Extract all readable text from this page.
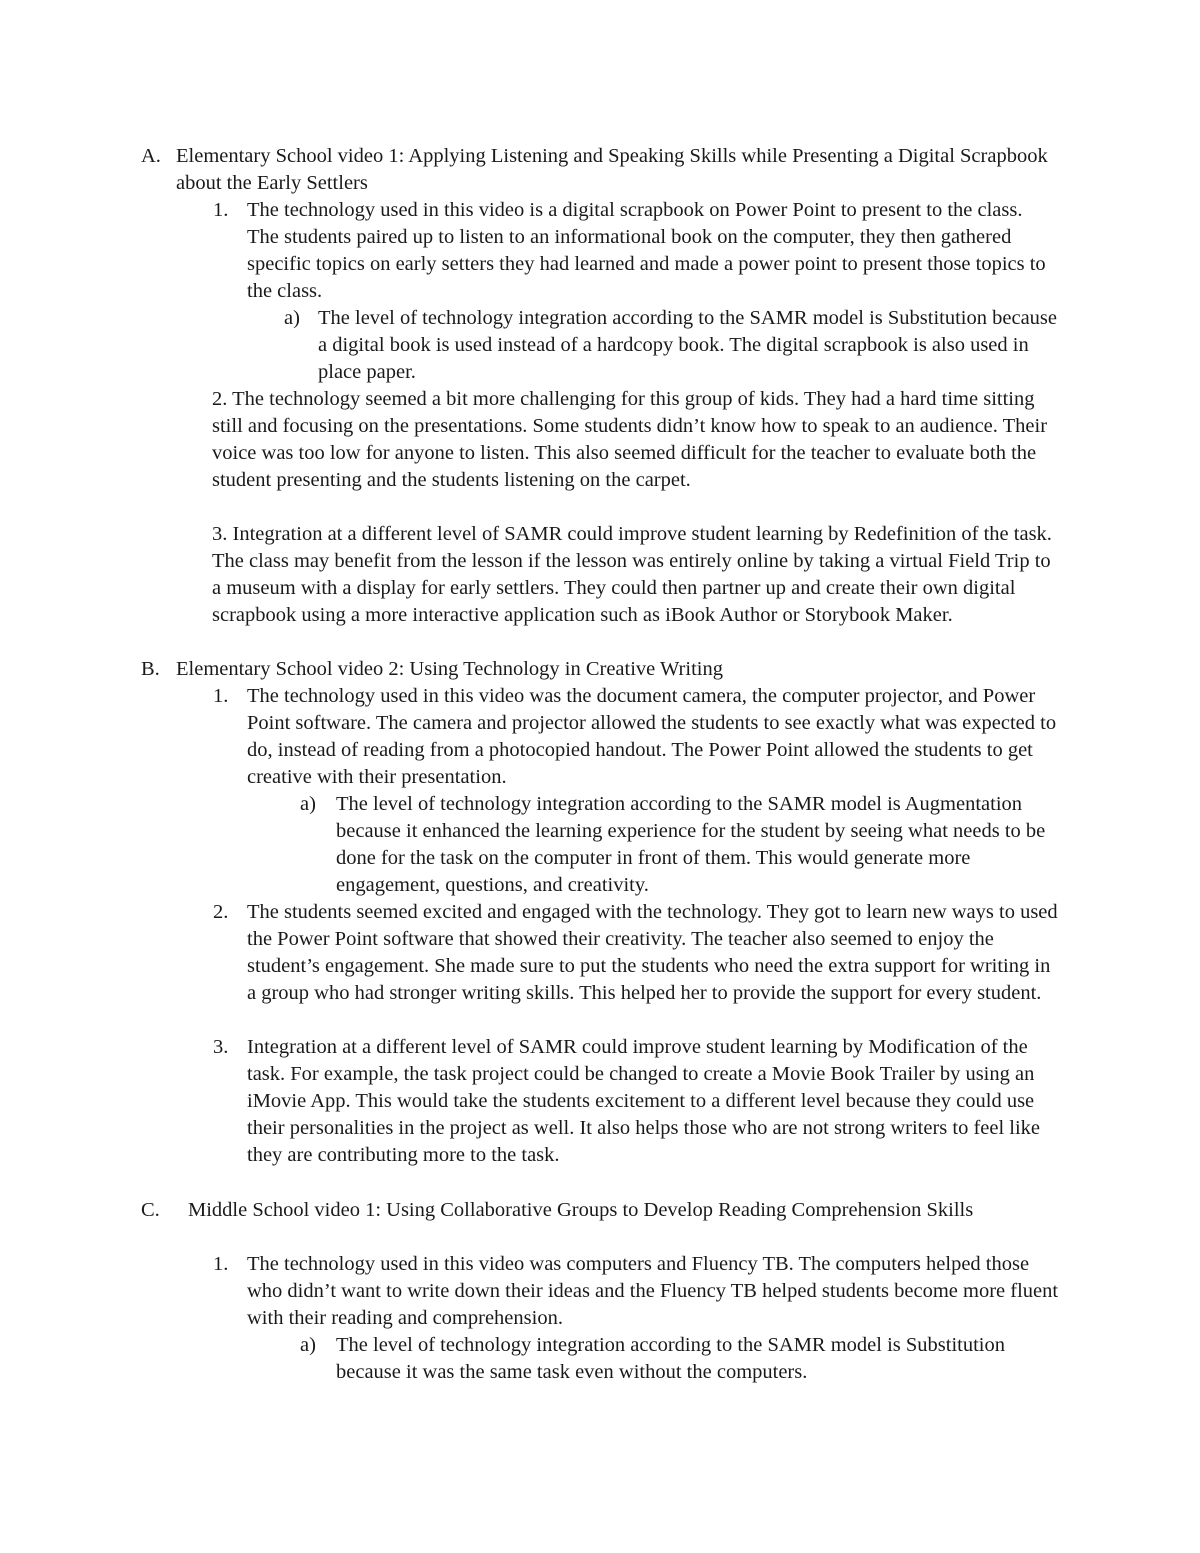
A. Elementary School video 1: Applying Listening and Speaking Skills while Presenting a Digital Scrapbook about the Early Settlers
1. The technology used in this video is a digital scrapbook on Power Point to present to the class. The students paired up to listen to an informational book on the computer, they then gathered specific topics on early setters they had learned and made a power point to present those topics to the class.
a) The level of technology integration according to the SAMR model is Substitution because a digital book is used instead of a hardcopy book. The digital scrapbook is also used in place paper.
2. The technology seemed a bit more challenging for this group of kids. They had a hard time sitting still and focusing on the presentations. Some students didn’t know how to speak to an audience. Their voice was too low for anyone to listen. This also seemed difficult for the teacher to evaluate both the student presenting and the students listening on the carpet.
3. Integration at a different level of SAMR could improve student learning by Redefinition of the task. The class may benefit from the lesson if the lesson was entirely online by taking a virtual Field Trip to a museum with a display for early settlers. They could then partner up and create their own digital scrapbook using a more interactive application such as iBook Author or Storybook Maker.
B. Elementary School video 2: Using Technology in Creative Writing
1. The technology used in this video was the document camera, the computer projector, and Power Point software. The camera and projector allowed the students to see exactly what was expected to do, instead of reading from a photocopied handout. The Power Point allowed the students to get creative with their presentation.
a) The level of technology integration according to the SAMR model is Augmentation because it enhanced the learning experience for the student by seeing what needs to be done for the task on the computer in front of them. This would generate more engagement, questions, and creativity.
2. The students seemed excited and engaged with the technology. They got to learn new ways to used the Power Point software that showed their creativity. The teacher also seemed to enjoy the student’s engagement. She made sure to put the students who need the extra support for writing in a group who had stronger writing skills. This helped her to provide the support for every student.
3. Integration at a different level of SAMR could improve student learning by Modification of the task. For example, the task project could be changed to create a Movie Book Trailer by using an iMovie App. This would take the students excitement to a different level because they could use their personalities in the project as well. It also helps those who are not strong writers to feel like they are contributing more to the task.
C.	Middle School video 1: Using Collaborative Groups to Develop Reading Comprehension Skills
1. The technology used in this video was computers and Fluency TB. The computers helped those who didn’t want to write down their ideas and the Fluency TB helped students become more fluent with their reading and comprehension.
a) The level of technology integration according to the SAMR model is Substitution because it was the same task even without the computers.
